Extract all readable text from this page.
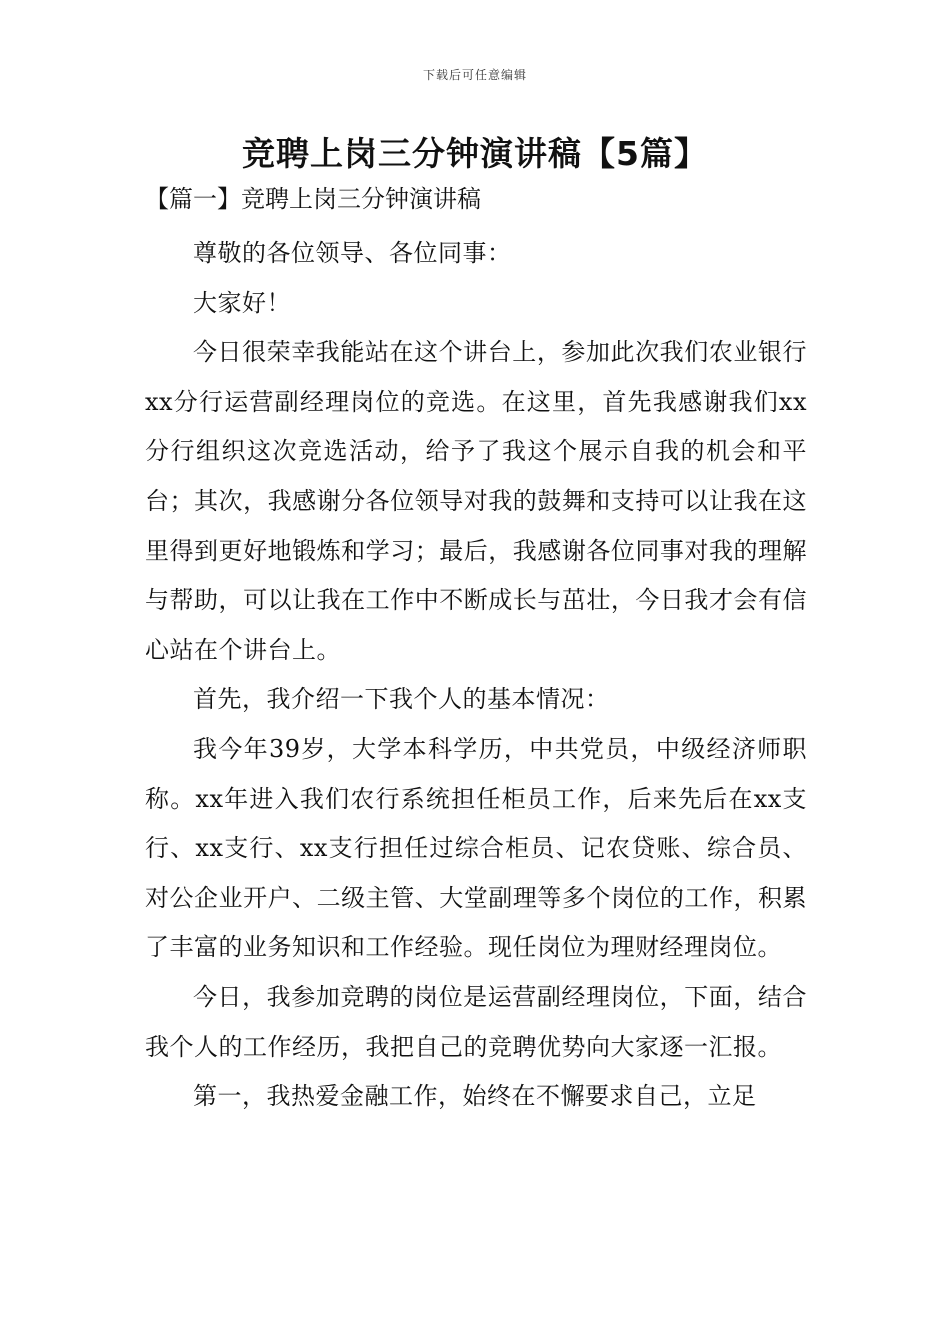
下载后可任意编辑
竞聘上岗三分钟演讲稿【5篇】
【篇一】竞聘上岗三分钟演讲稿

尊敬的各位领导、各位同事：

大家好！

今日很荣幸我能站在这个讲台上，参加此次我们农业银行xx分行运营副经理岗位的竞选。在这里，首先我感谢我们xx分行组织这次竞选活动，给予了我这个展示自我的机会和平台；其次，我感谢分各位领导对我的鼓舞和支持可以让我在这里得到更好地锻炼和学习；最后，我感谢各位同事对我的理解与帮助，可以让我在工作中不断成长与茁壮，今日我才会有信心站在个讲台上。

首先，我介绍一下我个人的基本情况：

我今年39岁，大学本科学历，中共党员，中级经济师职称。xx年进入我们农行系统担任柜员工作，后来先后在xx支行、xx支行、xx支行担任过综合柜员、记农贷账、综合员、对公企业开户、二级主管、大堂副理等多个岗位的工作，积累了丰富的业务知识和工作经验。现任岗位为理财经理岗位。

今日，我参加竞聘的岗位是运营副经理岗位，下面，结合我个人的工作经历，我把自己的竞聘优势向大家逐一汇报。

第一，我热爱金融工作，始终在不懈要求自己，立足
